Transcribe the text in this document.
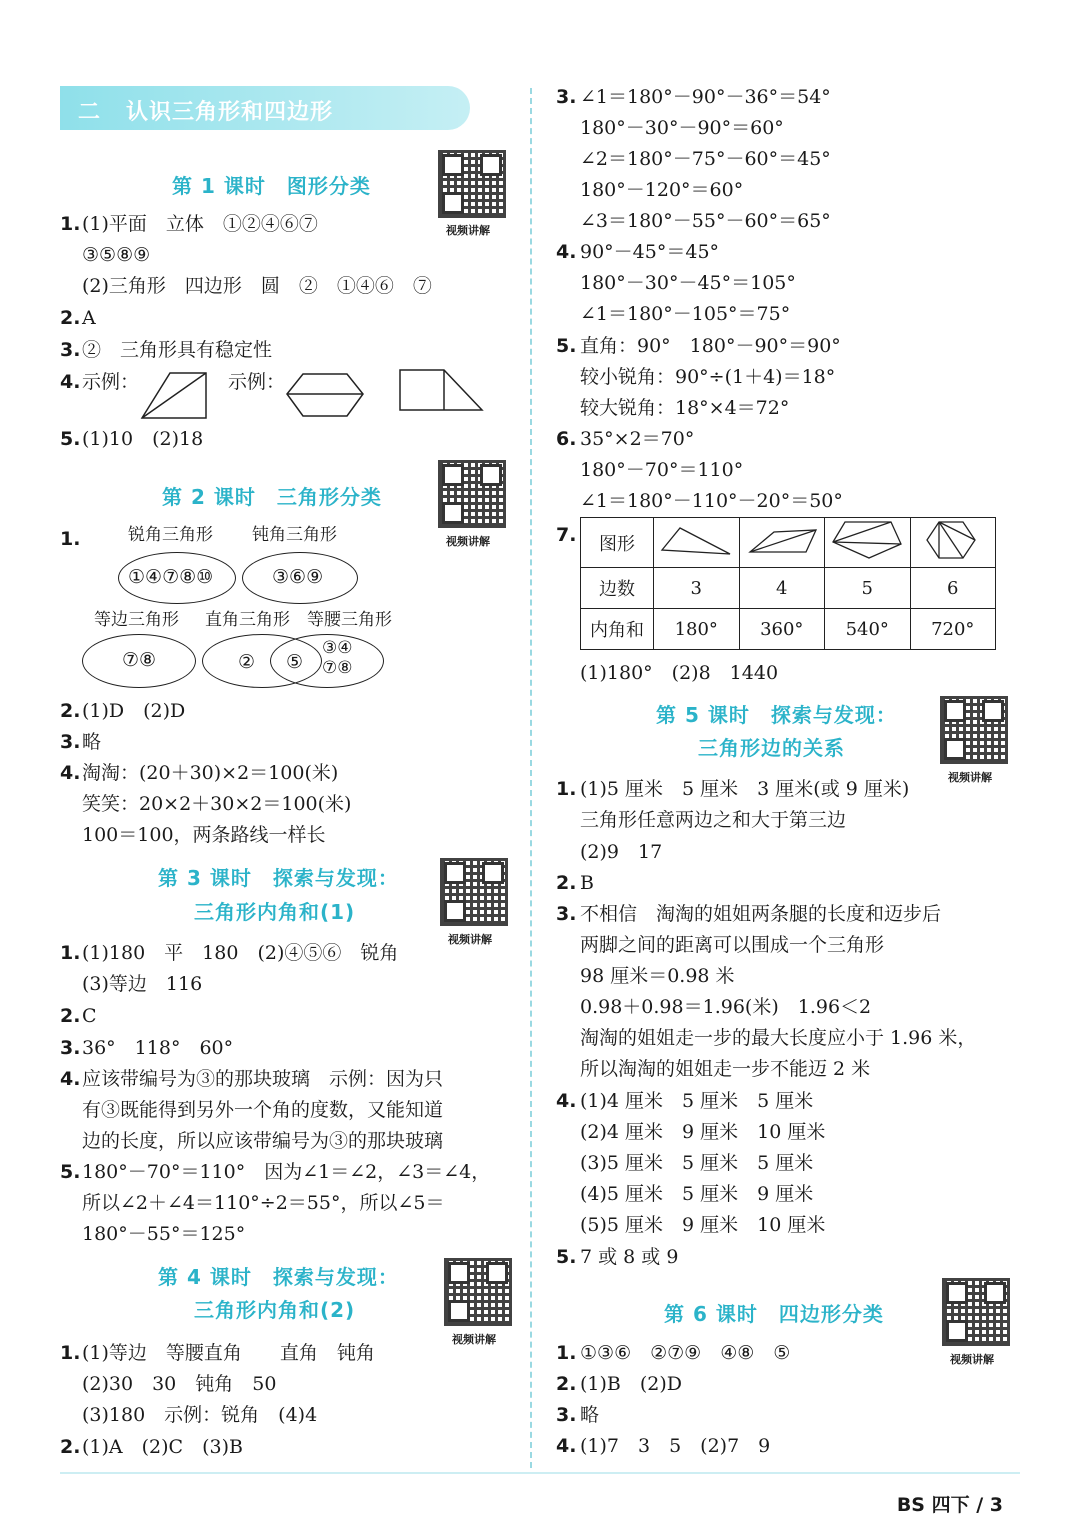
二 认识三角形和四边形
第 1 课时　图形分类
视频讲解
1. (1)平面　立体　①②④⑥⑦
③⑤⑧⑨
(2)三角形　四边形　圆　②　①④⑥　⑦
2. A
3. ②　三角形具有稳定性
4. 示例：	示例：
5. (1)10　(2)18
第 2 课时　三角形分类
视频讲解
1.	锐角三角形 钝角三角形
①④⑦⑧⑩	③⑥⑨
等边三角形 直角三角形 等腰三角形
⑦⑧	② ⑤
③④
⑦⑧
2. (1)D　(2)D
3. 略
4. 淘淘：(20＋30)×2＝100(米)
笑笑：20×2＋30×2＝100(米)
100＝100，两条路线一样长
第 3 课时　探索与发现：
三角形内角和(1)
视频讲解
1. (1)180　平　180　(2)④⑤⑥　锐角
(3)等边　116
2. C
3. 36°　118°　60°
4. 应该带编号为③的那块玻璃　示例：因为只
有③既能得到另外一个角的度数，又能知道
边的长度，所以应该带编号为③的那块玻璃
5. 180°－70°＝110°　因为∠1＝∠2，∠3＝∠4，
所以∠2＋∠4＝110°÷2＝55°，所以∠5＝
180°－55°＝125°
第 4 课时　探索与发现：
三角形内角和(2)
视频讲解
1. (1)等边　等腰直角　　直角　钝角
(2)30　30　钝角　50
(3)180　示例：锐角　(4)4
2. (1)A　(2)C　(3)B
3. ∠1＝180°－90°－36°＝54°
180°－30°－90°＝60°
∠2＝180°－75°－60°＝45°
180°－120°＝60°
∠3＝180°－55°－60°＝65°
4. 90°－45°＝45°
180°－30°－45°＝105°
∠1＝180°－105°＝75°
5. 直角：90°　180°－90°＝90°
较小锐角：90°÷(1＋4)＝18°
较大锐角：18°×4＝72°
6. 35°×2＝70°
180°－70°＝110°
∠1＝180°－110°－20°＝50°
7. 图形				
边数	3	4	5	6
内角和	180°	360°	540°	720°
(1)180°　(2)8　1440
第 5 课时　探索与发现：
三角形边的关系
视频讲解
1. (1)5 厘米　5 厘米　3 厘米(或 9 厘米)
三角形任意两边之和大于第三边
(2)9　17
2. B
3. 不相信　淘淘的姐姐两条腿的长度和迈步后
两脚之间的距离可以围成一个三角形
98 厘米＝0.98 米
0.98＋0.98＝1.96(米)　1.96＜2
淘淘的姐姐走一步的最大长度应小于 1.96 米，
所以淘淘的姐姐走一步不能迈 2 米
4. (1)4 厘米　5 厘米　5 厘米
(2)4 厘米　9 厘米　10 厘米
(3)5 厘米　5 厘米　5 厘米
(4)5 厘米　5 厘米　9 厘米
(5)5 厘米　9 厘米　10 厘米
5. 7 或 8 或 9
第 6 课时　四边形分类
视频讲解
1. ①③⑥　②⑦⑨　④⑧　⑤
2. (1)B　(2)D
3. 略
4. (1)7　3　5　(2)7　9
BS 四下 / 3
